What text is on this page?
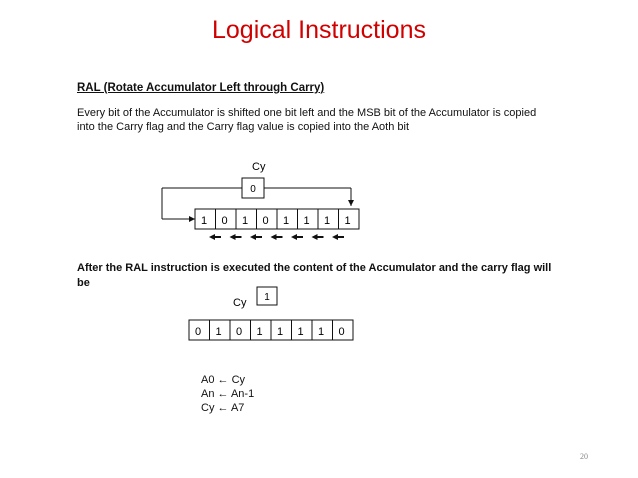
Logical Instructions
RAL (Rotate Accumulator Left through Carry)
Every bit of the Accumulator is shifted one bit left and the MSB bit of the Accumulator is copied
into the Carry flag and the Carry flag value is copied into the Aoth bit
Cy
0
1 0 1 0 1 1 1 1
Cy 1
0 1 0 1 1 1 1 0
After the RAL instruction is executed the content of the Accumulator and the carry flag will
be
A0 ← Cy
An ← An-1
Cy ← A7
20
